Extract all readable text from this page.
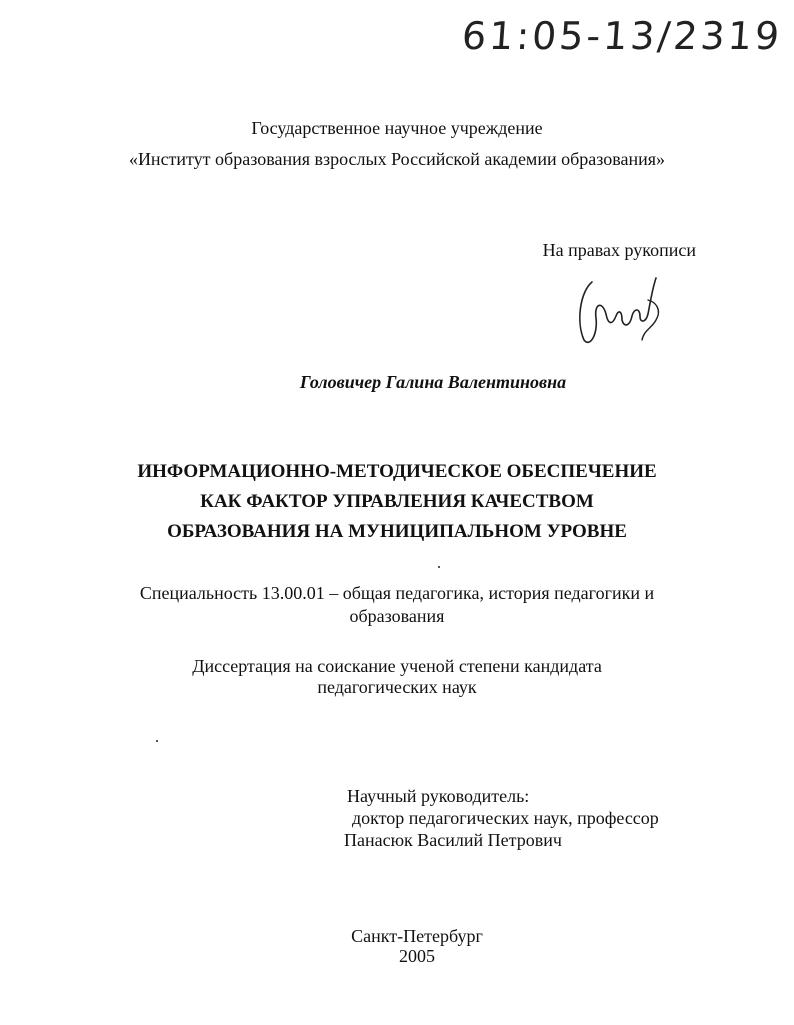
61:05-13/2319
Государственное научное учреждение
«Институт образования взрослых Российской академии образования»
На правах рукописи
Головичер Галина Валентиновна
ИНФОРМАЦИОННО-МЕТОДИЧЕСКОЕ ОБЕСПЕЧЕНИЕ
КАК ФАКТОР УПРАВЛЕНИЯ КАЧЕСТВОМ
ОБРАЗОВАНИЯ НА МУНИЦИПАЛЬНОМ УРОВНЕ
Специальность 13.00.01 – общая педагогика, история педагогики и
образования
Диссертация на соискание ученой степени кандидата
педагогических наук
Научный руководитель:
доктор педагогических наук, профессор
Панасюк Василий Петрович
Санкт-Петербург
2005
